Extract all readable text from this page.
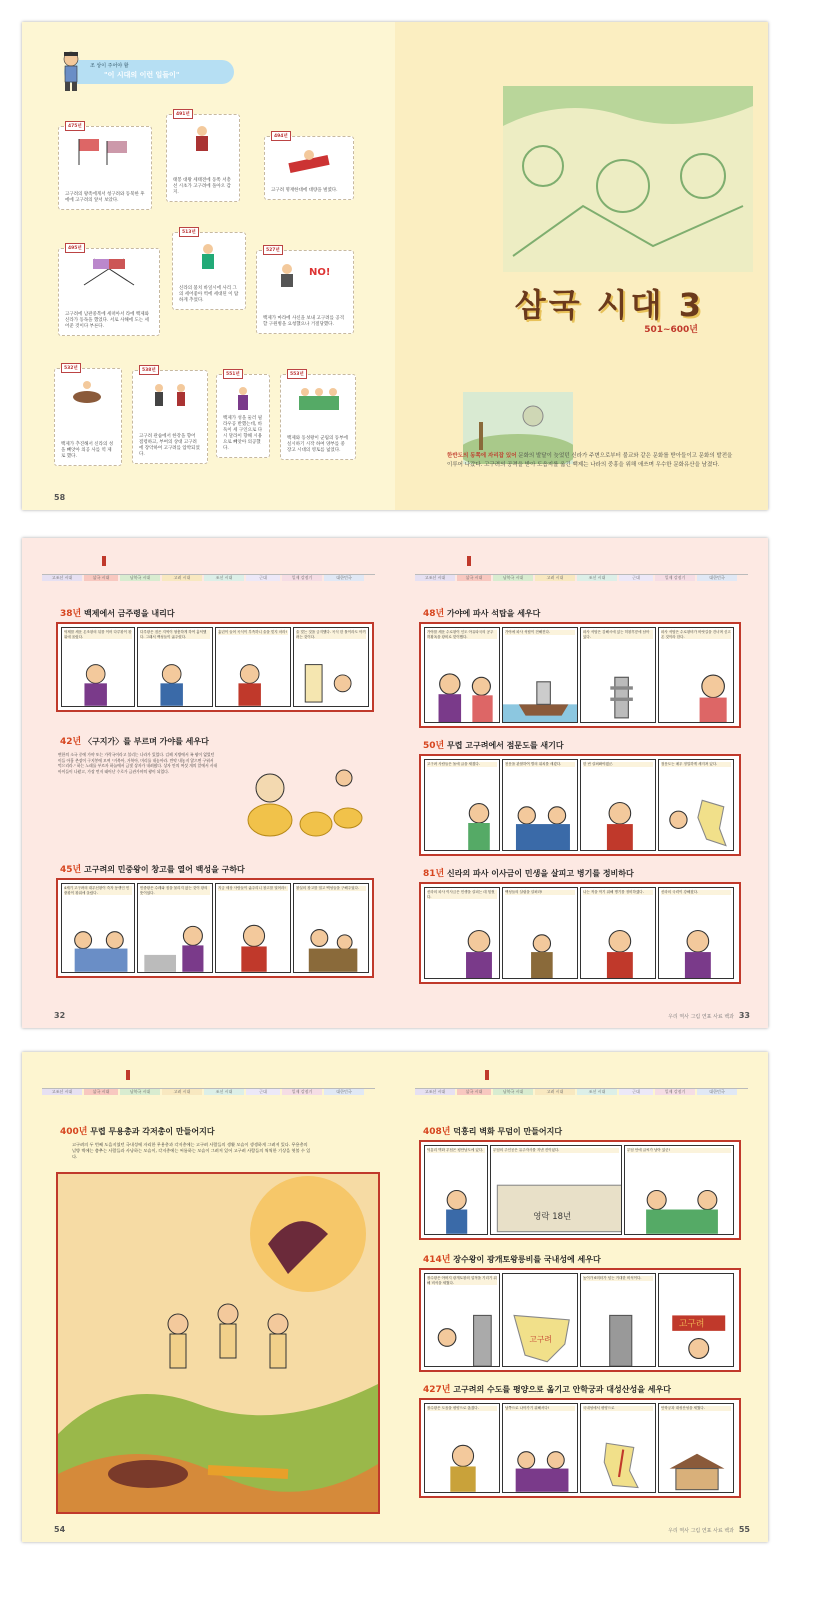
조 상이 주어야 할
"이 시대의 이런 일들이"
475년
고구려의 왕족에게서 청구려와 동북한 후에에 고구려의 앞서 보았다.
491년
태봉 대왕 세태전에 동쪽 서총선 시초가 고구려에 돌아오 감지.
494년
고구려 명재한대에 대량을 벌였다.
495년
고구려에 남관중복에 세떠아서 라에 백제와 신라가 동독을 했었다. 서로 사해에 도는 세어준 것이다 부른다.
513년
신라의 불치 바일시에 사리 그의 세어좋아 벽에 세대된 이 탑하게 추었다.
527년
NO!
백제가 마라에 사신을 보내 고구려를 공격할 구원병을 요청했으나 거절당했다.
532년
백제가 추진해서 신라의 성을 빼앗아 의공 사를 역 제로 했다.
538년
고구려 관습에서 한강을 향어 점령하고, 부여의 상대 고구려에 장악하여 고구려를 압박되었다.
551년
백제가 성을 둘러 필라우공 반했는데, 바둑이 세 구인으로 다 시 달라이 향해 시용으로 빼앗아 의공했다.
553년
백제와 동성왕이 군림의 동부에 실시하기 시작 하여 양부를 중장고 시대의 영토를 넓었다.
58
삼국 시대 3
501~600년
한반도의 동쪽에 자리잡 있어 문화의 발달이 늦었던 신라가 주변으로부터 불교와 같은 문화를 받아들이고 문화의 발전을 이루어 나갔다. 고구려의 공격을 받아 도읍지를 옮긴 백제는 나라의 중흥을 위해 애쓰며 우수한 문화유산을 남겼다.
고조선 시대	삼국 시대	남북국 시대	고려 시대	조선 시대	근대	일제 강점기	대한민국
38년 백제에서 금주령을 내리다
억제를 세운 온조왕의 뒤를 이어 다루왕이 왕위에 올랐다.
다루왕은 점은 지역이 형충하게 하여 흉덕했다. 그래서 백성들이 굶주렸다.
흉년이 들어 곡식이 부족하니 술을 빚지 마라!	술 빚는 것을 금지했다. 곡식 한 톨이라도 아끼려는 것이다.
42년 〈구지가〉를 부르며 가야를 세우다
변한의 소국 중에 가야 또는 가락국이라고 불리는 나라가 있었다. 김해 지방에서 족 왕이 없었던 이들 아홉 촌장이 구지봉에 모여 "거북아, 거북아, 머리를 내놓아라. 만약 내놓지 않으면 구워서 먹으리라." 하는 노래를 부르자 하늘에서 금빛 상자가 내려왔다. 상자 안의 여섯 개의 알에서 사내아이들이 나왔고, 가장 먼저 태어난 수로가 금관가야의 왕이 되었다.
45년 고구려의 민중왕이 창고를 열어 백성을 구하다
4세기 고구려의 대무신왕이 죽자 동생인 민중왕이 왕위에 올랐다.
민중왕은 수레와 짐을 물리지 않는 것이 왕의 뜻이었다.
지금 세상 사람들이 굶주리니 창고를 열어라!	왕실의 창고를 열고 백성들을 구해주었다.
32
고조선 시대	삼국 시대	남북국 시대	고려 시대	조선 시대	근대	일제 강점기	대한민국
48년 가야에 파사 석탑을 세우다
가야를 세운 수로왕이 인도 아유타국의 공주 허황옥을 왕비로 맞이했다.
가야에 파사 석탑이 전해진다.	파사 석탑은 김해시에 있는 허왕후릉에 남아 있다.
파사 석탑은 수로왕비가 바닷길을 건너며 싣고 온 것이라 한다.
50년 무렵 고구려에서 점문도를 새기다
고구려 사람들은 돌에 글을 새겼다.	천문을 관찰하여 별의 위치를 새겼다.	한 번 살펴봐야겠군.	점문도는 매우 정밀하게 새겨져 있다.
81년 신라의 파사 이사금이 민생을 살피고 병기를 정비하다
신라의 파사 이사금은 민생을 살피는 데 힘썼다.
백성들의 살림을 살펴라!	나는 적을 막기 위해 병기를 정비하겠다.	신라의 국력이 강해졌다.
우리 역사 그림 연표 사료 백과 33
고조선 시대	삼국 시대	남북국 시대	고려 시대	조선 시대	근대	일제 강점기	대한민국
400년 무렵 무용총과 각저총이 만들어지다
고구려의 두 번째 도읍지였던 국내성에 자리한 무용총과 각저총에는 고구려 사람들의 생활 모습이 생생하게 그려져 있다. 무용총의 널방 벽에는 춤추는 사람들과 사냥하는 모습이, 각저총에는 씨름하는 모습이 그려져 있어 고구려 사람들의 씩씩한 기상을 엿볼 수 있다.
54
고조선 시대	삼국 시대	남북국 시대	고려 시대	조선 시대	근대	일제 강점기	대한민국
408년 덕흥리 벽화 무덤이 만들어지다
덕흥리 벽화 무덤은 평안남도에 있다.	무덤의 주인공은 유주자사를 지낸 진이었다.
영락 18년
무덤 안에 글씨가 남아 있군!
414년 장수왕이 광개토왕릉비를 국내성에 세우다
장수왕은 아버지 광개토왕의 업적을 기리기 위해 비석을 세웠다.
고구려
높이가 6미터가 넘는 거대한 비석이다.
고구려
427년 고구려의 수도를 평양으로 옮기고 안학궁과 대성산성을 세우다
장수왕은 도읍을 평양으로 옮겼다.	남쪽으로 나아가기 위해서다!	국내성에서 평양으로	안학궁과 대성산성을 세웠다.
우리 역사 그림 연표 사료 백과 55
